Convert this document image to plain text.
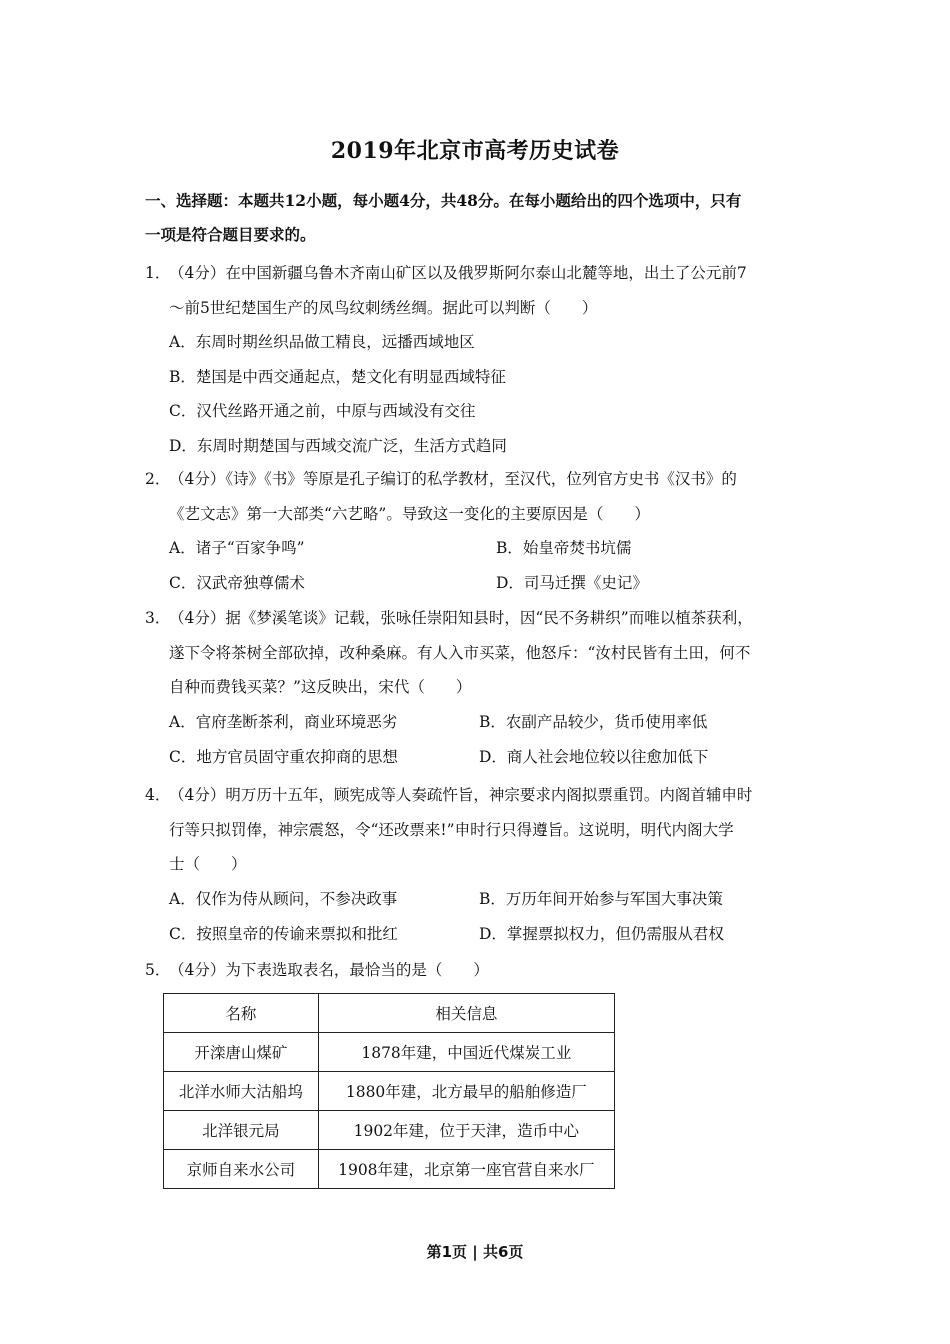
2019年北京市高考历史试卷
一、选择题：本题共12小题，每小题4分，共48分。在每小题给出的四个选项中，只有
一项是符合题目要求的。
1．（4分）在中国新疆乌鲁木齐南山矿区以及俄罗斯阿尔泰山北麓等地，出土了公元前7
～前5世纪楚国生产的凤鸟纹刺绣丝绸。据此可以判断（　　）
A．东周时期丝织品做工精良，远播西域地区
B．楚国是中西交通起点，楚文化有明显西域特征
C．汉代丝路开通之前，中原与西域没有交往
D．东周时期楚国与西域交流广泛，生活方式趋同
2．（4分）《诗》《书》等原是孔子编订的私学教材，至汉代，位列官方史书《汉书》的
《艺文志》第一大部类“六艺略”。导致这一变化的主要原因是（　　）
A．诸子“百家争鸣”	B．始皇帝焚书坑儒
C．汉武帝独尊儒术	D．司马迁撰《史记》
3．（4分）据《梦溪笔谈》记载，张咏任崇阳知县时，因“民不务耕织”而唯以植茶获利，
遂下令将茶树全部砍掉，改种桑麻。有人入市买菜，他怒斥：“汝村民皆有土田，何不
自种而费钱买菜？”这反映出，宋代（　　）
A．官府垄断茶利，商业环境恶劣	B．农副产品较少，货币使用率低
C．地方官员固守重农抑商的思想	D．商人社会地位较以往愈加低下
4．（4分）明万历十五年，顾宪成等人奏疏忤旨，神宗要求内阁拟票重罚。内阁首辅申时
行等只拟罚俸，神宗震怒，令“还改票来!”申时行只得遵旨。这说明，明代内阁大学
士（　　）
A．仅作为侍从顾问，不参决政事	B．万历年间开始参与军国大事决策
C．按照皇帝的传谕来票拟和批红	D．掌握票拟权力，但仍需服从君权
5．（4分）为下表选取表名，最恰当的是（　　）
名称	相关信息
开滦唐山煤矿	1878年建，中国近代煤炭工业
北洋水师大沽船坞	1880年建，北方最早的船舶修造厂
北洋银元局	1902年建，位于天津，造币中心
京师自来水公司	1908年建，北京第一座官营自来水厂
第1页 | 共6页
